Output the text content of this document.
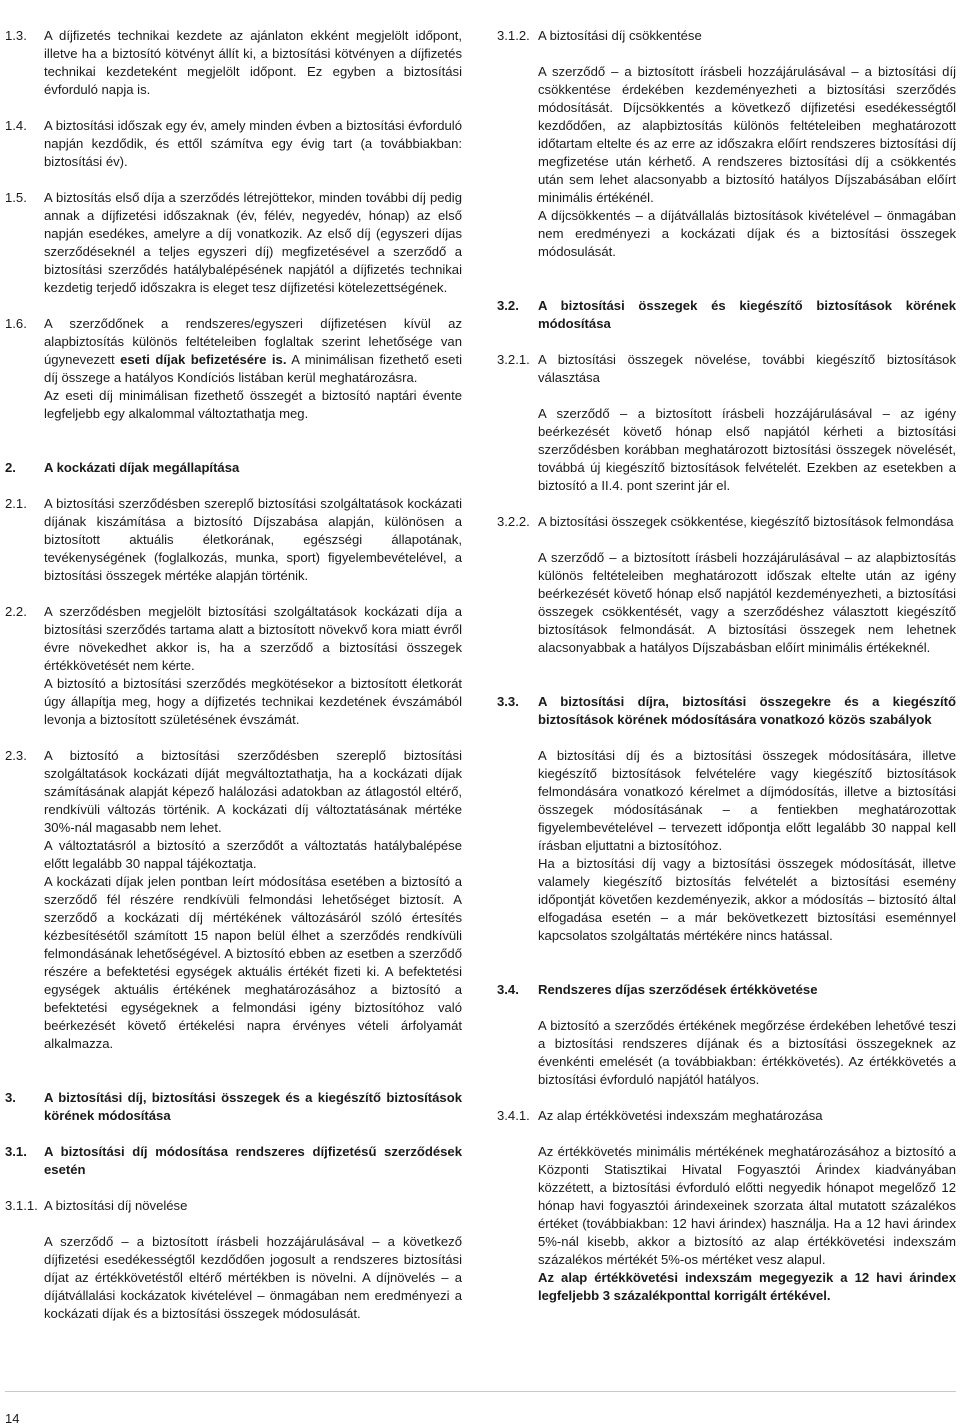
1.3.	A díjfizetés technikai kezdete az ajánlaton ekként megjelölt időpont, illetve ha a biztosító kötvényt állít ki, a biztosítási kötvényen a díjfizetés technikai kezdeteként megjelölt időpont. Ez egyben a biztosítási évforduló napja is.

1.4.	A biztosítási időszak egy év, amely minden évben a biztosítási évforduló napján kezdődik, és ettől számítva egy évig tart (a továbbiakban: biztosítási év).

1.5.	A biztosítás első díja a szerződés létrejöttekor, minden további díj pedig annak a díjfizetési időszaknak (év, félév, negyedév, hónap) az első napján esedékes, amelyre a díj vonatkozik. Az első díj (egyszeri díjas szerződéseknél a teljes egyszeri díj) megfizetésével a szerződő a biztosítási szerződés hatálybalépésének napjától a díjfizetés technikai kezdetig terjedő időszakra is eleget tesz díjfizetési kötelezettségének.

1.6.	A szerződőnek a rendszeres/egyszeri díjfizetésen kívül az alapbiztosítás különös feltételeiben foglaltak szerint lehetősége van úgynevezett eseti díjak befizetésére is. A minimálisan fizethető eseti díj összege a hatályos Kondíciós listában kerül meghatározásra.

Az eseti díj minimálisan fizethető összegét a biztosító naptári évente legfeljebb egy alkalommal változtathatja meg.

2.	A kockázati díjak megállapítása
2.1.	A biztosítási szerződésben szereplő biztosítási szolgáltatások kockázati díjának kiszámítása a biztosító Díjszabása alapján, különösen a biztosított aktuális életkorának, egészségi állapotának, tevékenységének (foglalkozás, munka, sport) figyelembevételével, a biztosítási összegek mértéke alapján történik.

2.2.	A szerződésben megjelölt biztosítási szolgáltatások kockázati díja a biztosítási szerződés tartama alatt a biztosított növekvő kora miatt évről évre növekedhet akkor is, ha a szerződő a biztosítási összegek értékkövetését nem kérte.

A biztosító a biztosítási szerződés megkötésekor a biztosított életkorát úgy állapítja meg, hogy a díjfizetés technikai kezdetének évszámából levonja a biztosított születésének évszámát.

2.3.	A biztosító a biztosítási szerződésben szereplő biztosítási szolgáltatások kockázati díját megváltoztathatja, ha a kockázati díjak számításának alapját képező halálozási adatokban az átlagostól eltérő, rendkívüli változás történik. A kockázati díj változtatásának mértéke 30%-nál magasabb nem lehet.

A változtatásról a biztosító a szerződőt a változtatás hatálybalépése előtt legalább 30 nappal tájékoztatja.

A kockázati díjak jelen pontban leírt módosítása esetében a biztosító a szerződő fél részére rendkívüli felmondási lehetőséget biztosít. A szerződő a kockázati díj mértékének változásáról szóló értesítés kézbesítésétől számított 15 napon belül élhet a szerződés rendkívüli felmondásának lehetőségével. A biztosító ebben az esetben a szerződő részére a befektetési egységek aktuális értékét fizeti ki. A befektetési egységek aktuális értékének meghatározásához a biztosító a befektetési egységeknek a felmondási igény biztosítóhoz való beérkezését követő értékelési napra érvényes vételi árfolyamát alkalmazza.

3.	A biztosítási díj, biztosítási összegek és a kiegészítő biztosítások körének módosítása
3.1.	A biztosítási díj módosítása rendszeres díjfizetésű szerződések esetén
3.1.1. A biztosítási díj növelése

A szerződő – a biztosított írásbeli hozzájárulásával – a következő díjfizetési esedékességtől kezdődően jogosult a rendszeres biztosítási díjat az értékkövetéstől eltérő mértékben is növelni. A díjnövelés – a díjátvállalási kockázatok kivételével – önmagában nem eredményezi a kockázati díjak és a biztosítási összegek módosulását.

3.1.2. A biztosítási díj csökkentése

A szerződő – a biztosított írásbeli hozzájárulásával – a biztosítási díj csökkentése érdekében kezdeményezheti a biztosítási szerződés módosítását. Díjcsökkentés a következő díjfizetési esedékességtől kezdődően, az alapbiztosítás különös feltételeiben meghatározott időtartam eltelte és az erre az időszakra előírt rendszeres biztosítási díj megfizetése után kérhető. A rendszeres biztosítási díj a csökkentés után sem lehet alacsonyabb a biztosító hatályos Díjszabásában előírt minimális értékénél.

A díjcsökkentés – a díjátvállalás biztosítások kivételével – önmagában nem eredményezi a kockázati díjak és a biztosítási összegek módosulását.

3.2.	A biztosítási összegek és kiegészítő biztosítások körének módosítása
3.2.1. A biztosítási összegek növelése, további kiegészítő biztosítások választása

A szerződő – a biztosított írásbeli hozzájárulásával – az igény beérkezését követő hónap első napjától kérheti a biztosítási szerződésben korábban meghatározott biztosítási összegek növelését, továbbá új kiegészítő biztosítások felvételét. Ezekben az esetekben a biztosító a II.4. pont szerint jár el.

3.2.2. A biztosítási összegek csökkentése, kiegészítő biztosítások felmondása

A szerződő – a biztosított írásbeli hozzájárulásával – az alapbiztosítás különös feltételeiben meghatározott időszak eltelte után az igény beérkezését követő hónap első napjától kezdeményezheti, a biztosítási összegek csökkentését, vagy a szerződéshez választott kiegészítő biztosítások felmondását. A biztosítási összegek nem lehetnek alacsonyabbak a hatályos Díjszabásban előírt minimális értékeknél.

3.3.	A biztosítási díjra, biztosítási összegekre és a kiegészítő biztosítások körének módosítására vonatkozó közös szabályok

A biztosítási díj és a biztosítási összegek módosítására, illetve kiegészítő biztosítások felvételére vagy kiegészítő biztosítások felmondására vonatkozó kérelmet a díjmódosítás, illetve a biztosítási összegek módosításának – a fentiekben meghatározottak figyelembevételével – tervezett időpontja előtt legalább 30 nappal kell írásban eljuttatni a biztosítóhoz.

Ha a biztosítási díj vagy a biztosítási összegek módosítását, illetve valamely kiegészítő biztosítás felvételét a biztosítási esemény időpontját követően kezdeményezik, akkor a módosítás – biztosító által elfogadása esetén – a már bekövetkezett biztosítási eseménnyel kapcsolatos szolgáltatás mértékére nincs hatással.

3.4.	Rendszeres díjas szerződések értékkövetése

A biztosító a szerződés értékének megőrzése érdekében lehetővé teszi a biztosítási rendszeres díjának és a biztosítási összegeknek az évenkénti emelését (a továbbiakban: értékkövetés). Az értékkövetés a biztosítási évforduló napjától hatályos.

3.4.1. Az alap értékkövetési indexszám meghatározása

Az értékkövetés minimális mértékének meghatározásához a biztosító a Központi Statisztikai Hivatal Fogyasztói Árindex kiadványában közzétett, a biztosítási évforduló előtti negyedik hónapot megelőző 12 hónap havi fogyasztói árindexeinek szorzata által mutatott százalékos értéket (továbbiakban: 12 havi árindex) használja. Ha a 12 havi árindex 5%-nál kisebb, akkor a biztosító az alap értékkövetési indexszám százalékos mértékét 5%-os mértéket vesz alapul.

Az alap értékkövetési indexszám megegyezik a 12 havi árindex legfeljebb 3 százalékponttal korrigált értékével.

14
